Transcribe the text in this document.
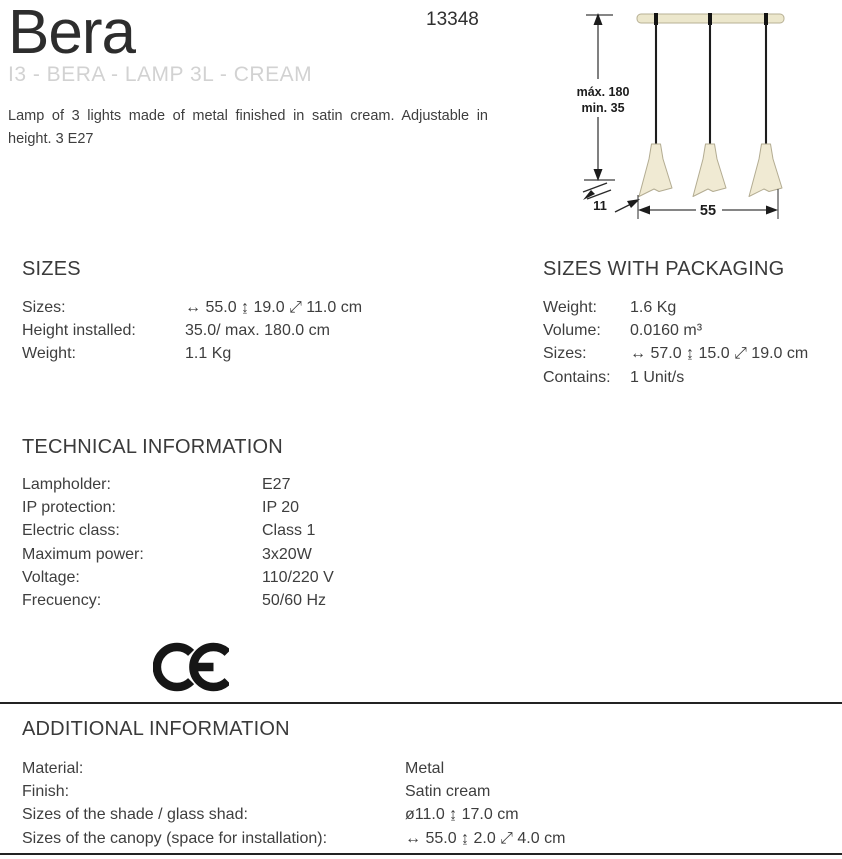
Bera	13348
I3 - BERA - LAMP 3L - CREAM
Lamp of 3 lights made of metal finished in satin cream. Adjustable in height. 3 E27
máx. 180
min. 35
11	55
SIZES
Sizes:	↔ 55.0 ↨ 19.0 ⤢ 11.0 cm
Height installed:	35.0/ max. 180.0 cm
Weight:	1.1 Kg
SIZES WITH PACKAGING
Weight:	1.6 Kg
Volume:	0.0160 m³
Sizes:	↔ 57.0 ↨ 15.0 ⤢ 19.0 cm
Contains:	1 Unit/s
TECHNICAL INFORMATION
Lampholder:	E27
IP protection:	IP 20
Electric class:	Class 1
Maximum power:	3x20W
Voltage:	110/220 V
Frecuency:	50/60 Hz
ADDITIONAL INFORMATION
Material:	Metal
Finish:	Satin cream
Sizes of the shade / glass shad:	ø11.0 ↨ 17.0 cm
Sizes of the canopy (space for installation):	↔ 55.0 ↨ 2.0 ⤢ 4.0 cm
